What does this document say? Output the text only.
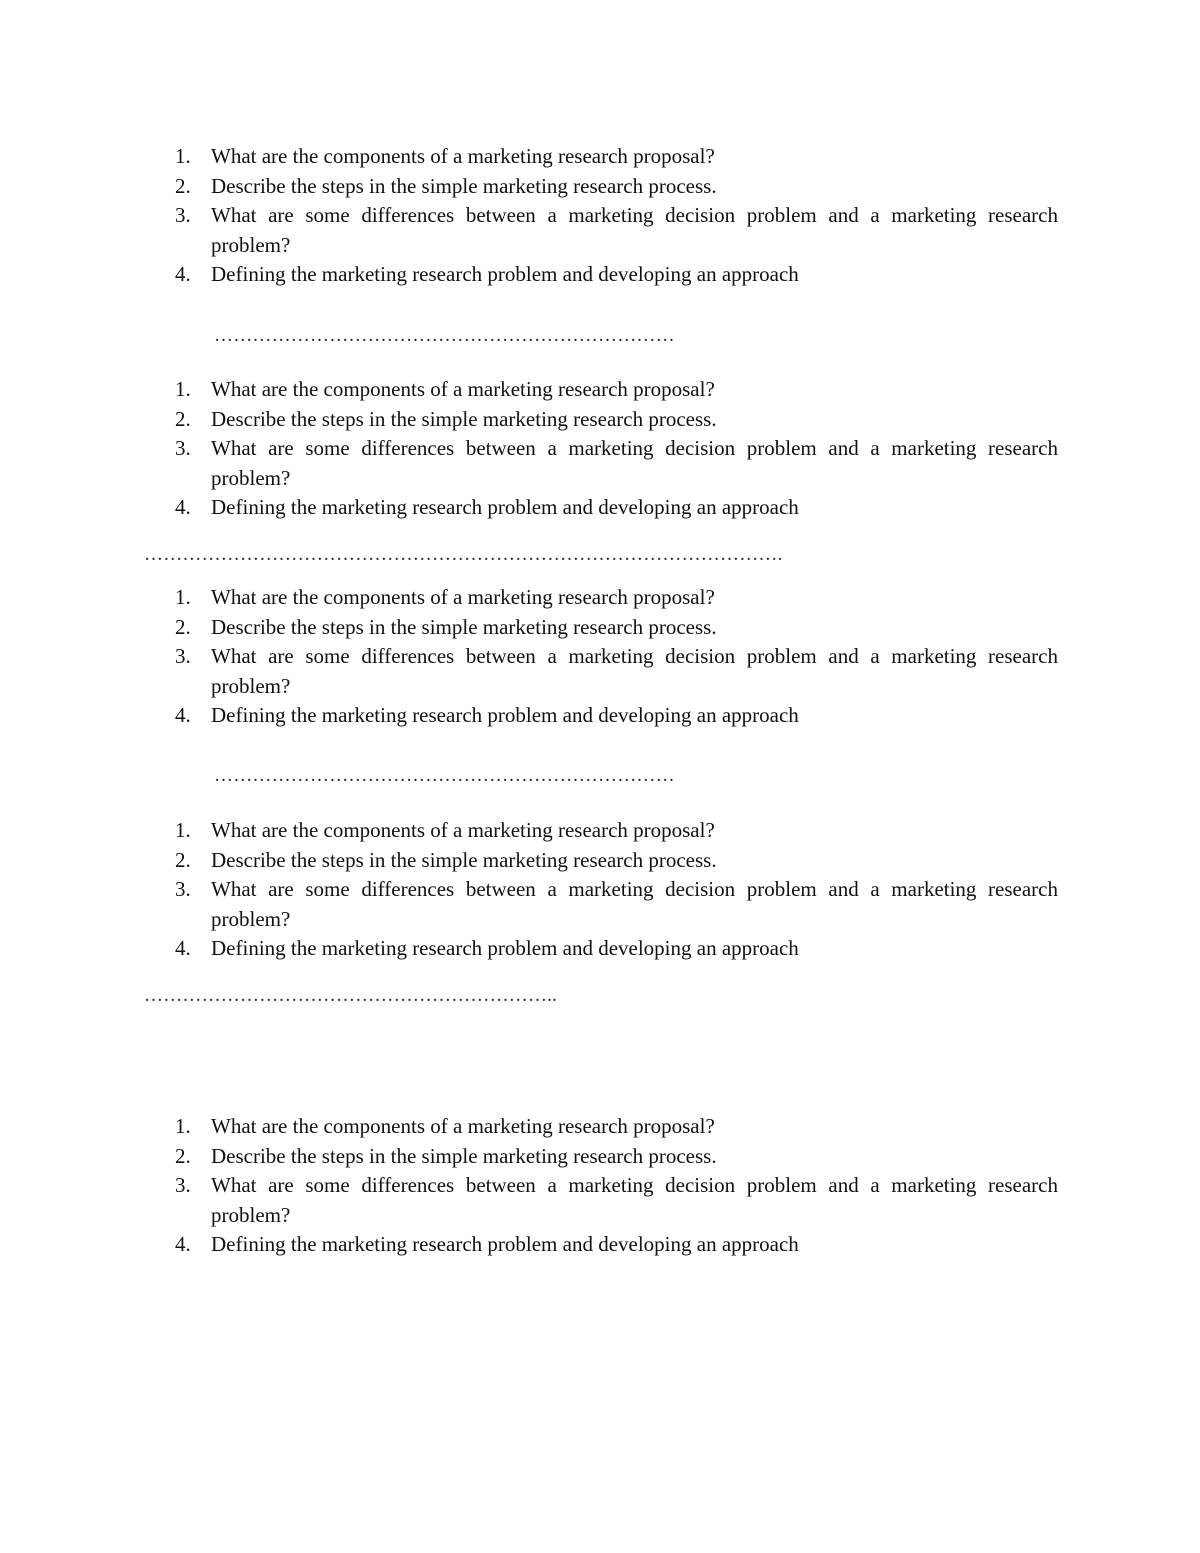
1. What are the components of a marketing research proposal?
2. Describe the steps in the simple marketing research process.
3. What are some differences between a marketing decision problem and a marketing research problem?
4. Defining the marketing research problem and developing an approach
………………………………………………………………
1. What are the components of a marketing research proposal?
2. Describe the steps in the simple marketing research process.
3. What are some differences between a marketing decision problem and a marketing research problem?
4. Defining the marketing research problem and developing an approach
……………………………………………………………………………………….
1. What are the components of a marketing research proposal?
2. Describe the steps in the simple marketing research process.
3. What are some differences between a marketing decision problem and a marketing research problem?
4. Defining the marketing research problem and developing an approach
………………………………………………………………
1. What are the components of a marketing research proposal?
2. Describe the steps in the simple marketing research process.
3. What are some differences between a marketing decision problem and a marketing research problem?
4. Defining the marketing research problem and developing an approach
………………………………………………………..
1. What are the components of a marketing research proposal?
2. Describe the steps in the simple marketing research process.
3. What are some differences between a marketing decision problem and a marketing research problem?
4. Defining the marketing research problem and developing an approach
